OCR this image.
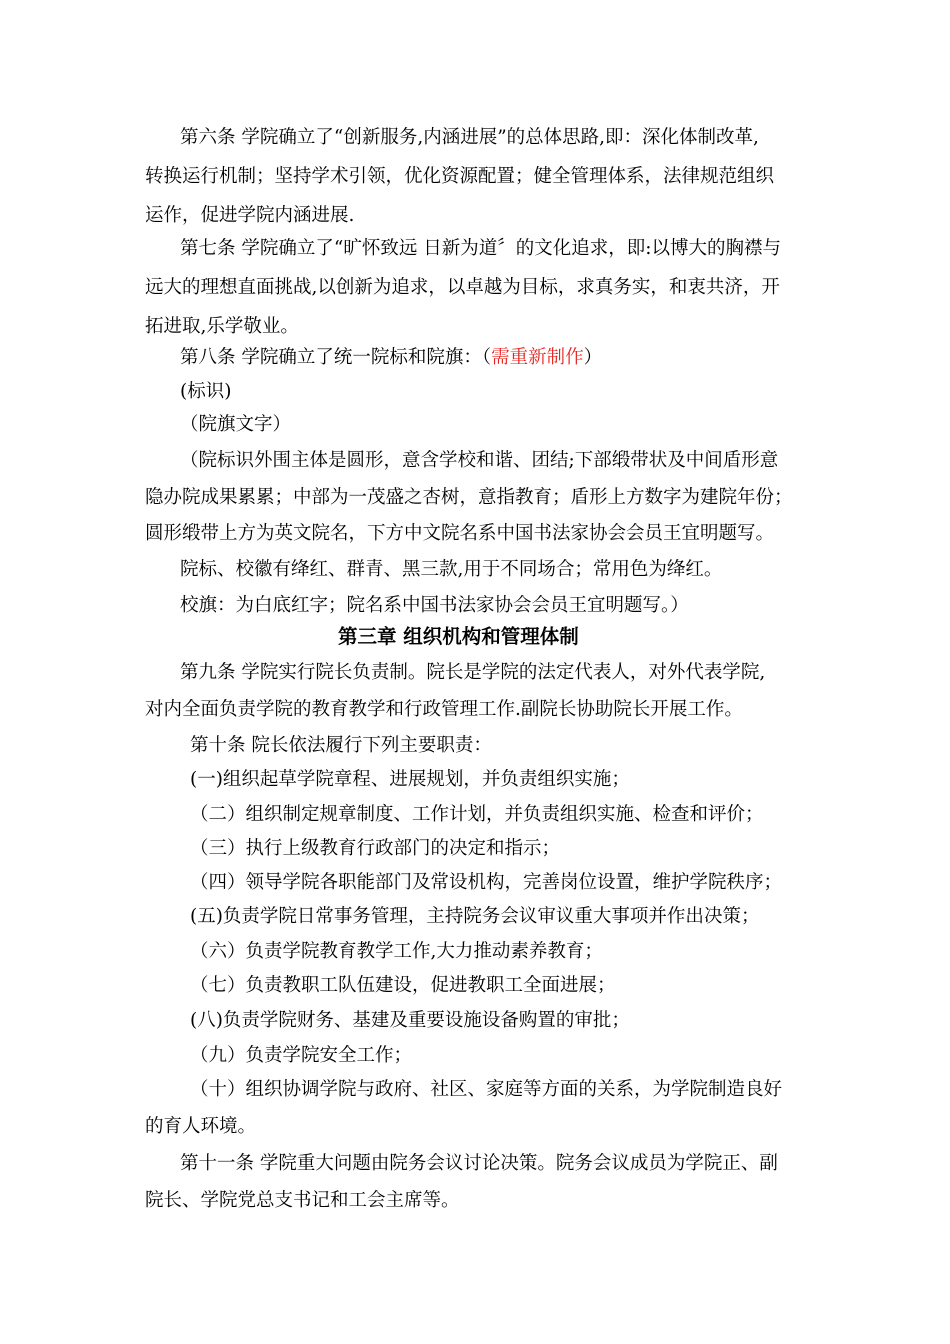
第六条 学院确立了“创新服务,内涵进展”的总体思路,即：深化体制改革,
转换运行机制；坚持学术引领，优化资源配置；健全管理体系，法律规范组织
运作，促进学院内涵进展.
第七条 学院确立了“旷怀致远 日新为道〞的文化追求，即:以博大的胸襟与
远大的理想直面挑战,以创新为追求，以卓越为目标，求真务实，和衷共济，开
拓进取,乐学敬业。
第八条 学院确立了统一院标和院旗：（需重新制作）
(标识)
（院旗文字）
（院标识外围主体是圆形，意含学校和谐、团结;下部缎带状及中间盾形意
隐办院成果累累；中部为一茂盛之杏树，意指教育；盾形上方数字为建院年份；
圆形缎带上方为英文院名，下方中文院名系中国书法家协会会员王宜明题写。
院标、校徽有绛红、群青、黑三款,用于不同场合；常用色为绛红。
校旗：为白底红字；院名系中国书法家协会会员王宜明题写。）
第三章 组织机构和管理体制
第九条 学院实行院长负责制。院长是学院的法定代表人，对外代表学院,
对内全面负责学院的教育教学和行政管理工作.副院长协助院长开展工作。
第十条 院长依法履行下列主要职责：
(一)组织起草学院章程、进展规划，并负责组织实施；
（二）组织制定规章制度、工作计划，并负责组织实施、检查和评价；
（三）执行上级教育行政部门的决定和指示；
（四）领导学院各职能部门及常设机构，完善岗位设置，维护学院秩序；
(五)负责学院日常事务管理，主持院务会议审议重大事项并作出决策；
（六）负责学院教育教学工作,大力推动素养教育；
（七）负责教职工队伍建设，促进教职工全面进展；
(八)负责学院财务、基建及重要设施设备购置的审批；
（九）负责学院安全工作；
（十）组织协调学院与政府、社区、家庭等方面的关系，为学院制造良好
的育人环境。
第十一条 学院重大问题由院务会议讨论决策。院务会议成员为学院正、副
院长、学院党总支书记和工会主席等。
